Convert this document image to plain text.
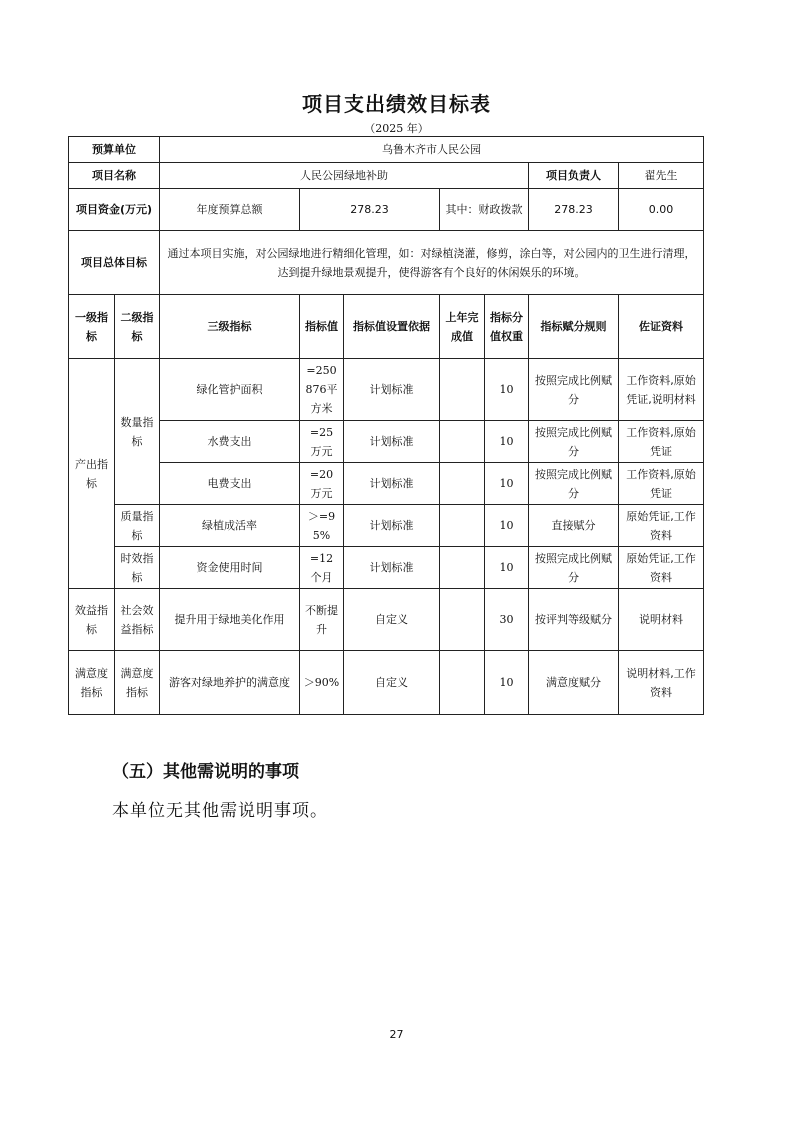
项目支出绩效目标表
（2025 年）
预算单位		乌鲁木齐市人民公园						
项目名称		人民公园绿地补助					项目负责人	翟先生
项目资金(万元)		年度预算总额	278.23		其中：财政拨款		278.23	0.00
项目总体目标		通过本项目实施，对公园绿地进行精细化管理，如：对绿植浇灌，修剪，涂白等，对公园内的卫生进行清理，达到提升绿地景观提升，使得游客有个良好的休闲娱乐的环境。						
一级指标	二级指标	三级指标	指标值	指标值设置依据	上年完成值	指标分值权重	指标赋分规则	佐证资料
产出指标	数量指标	绿化管护面积	=250876平方米	计划标准		10	按照完成比例赋分	工作资料,原始凭证,说明材料
		水费支出	=25 万元	计划标准		10	按照完成比例赋分	工作资料,原始凭证
		电费支出	=20 万元	计划标准		10	按照完成比例赋分	工作资料,原始凭证
	质量指标	绿植成活率	＞=95%	计划标准		10	直接赋分	原始凭证,工作资料
	时效指标	资金使用时间	=12 个月	计划标准		10	按照完成比例赋分	原始凭证,工作资料
效益指标	社会效益指标	提升用于绿地美化作用	不断提升	自定义		30	按评判等级赋分	说明材料
满意度指标	满意度指标	游客对绿地养护的满意度	＞90%	自定义		10	满意度赋分	说明材料,工作资料
（五）其他需说明的事项
本单位无其他需说明事项。
27
